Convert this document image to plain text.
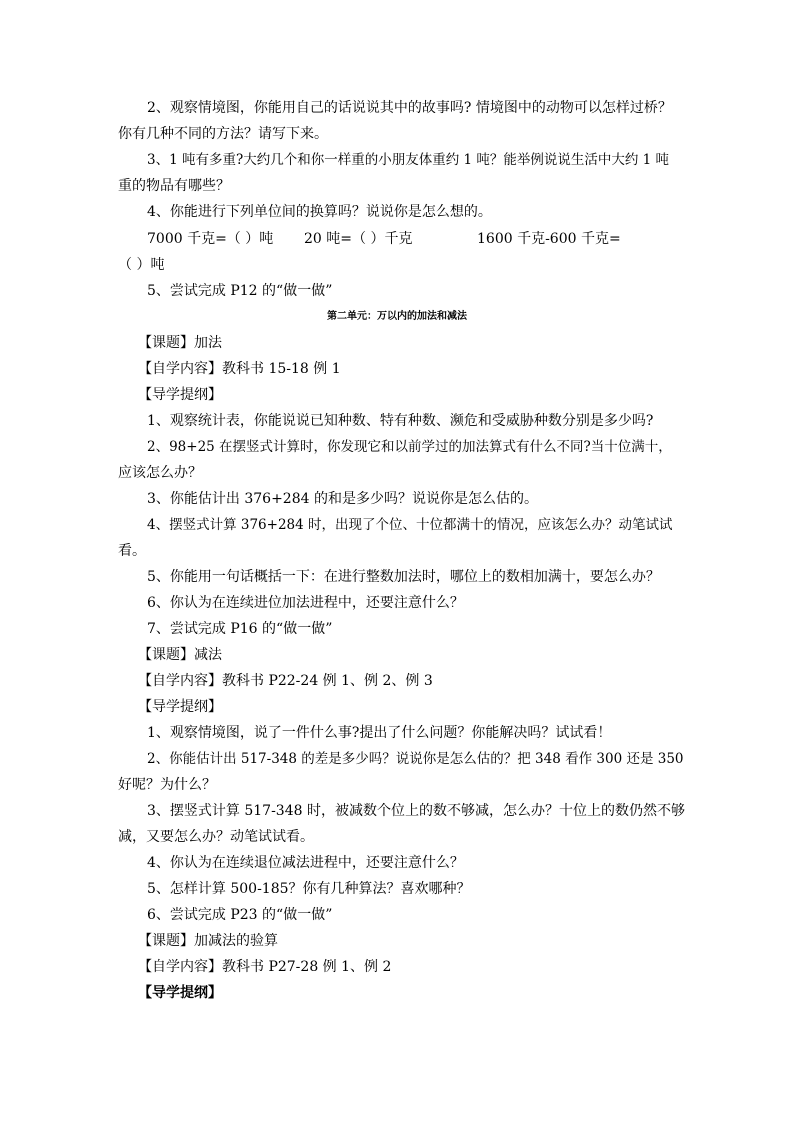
2、观察情境图，你能用自己的话说说其中的故事吗? 情境图中的动物可以怎样过桥？
你有几种不同的方法？请写下来。
3、1 吨有多重?大约几个和你一样重的小朋友体重约 1 吨？能举例说说生活中大约 1 吨
重的物品有哪些？
4、你能进行下列单位间的换算吗？说说你是怎么想的。
7000 千克=（ ）吨 20 吨=（ ）千克	1600 千克-600 千克=
（ ）吨
5、尝试完成 P12 的“做一做”
第二单元：万以内的加法和减法
【课题】加法
【自学内容】教科书 15-18 例 1
【导学提纲】
1、观察统计表，你能说说已知种数、特有种数、濒危和受威胁种数分别是多少吗?
2、98+25 在摆竖式计算时，你发现它和以前学过的加法算式有什么不同?当十位满十，
应该怎么办？
3、你能估计出 376+284 的和是多少吗？说说你是怎么估的。
4、摆竖式计算 376+284 时，出现了个位、十位都满十的情况，应该怎么办？动笔试试
看。
5、你能用一句话概括一下：在进行整数加法时，哪位上的数相加满十，要怎么办？
6、你认为在连续进位加法进程中，还要注意什么？
7、尝试完成 P16 的“做一做”
【课题】减法
【自学内容】教科书 P22-24 例 1、例 2、例 3
【导学提纲】
1、观察情境图，说了一件什么事?提出了什么问题？你能解决吗？试试看！
2、你能估计出 517-348 的差是多少吗？说说你是怎么估的？把 348 看作 300 还是 350
好呢？为什么？
3、摆竖式计算 517-348 时，被减数个位上的数不够减，怎么办？十位上的数仍然不够
减，又要怎么办？动笔试试看。
4、你认为在连续退位减法进程中，还要注意什么？
5、怎样计算 500-185？你有几种算法？喜欢哪种？
6、尝试完成 P23 的“做一做”
【课题】加减法的验算
【自学内容】教科书 P27-28 例 1、例 2
【导学提纲】
